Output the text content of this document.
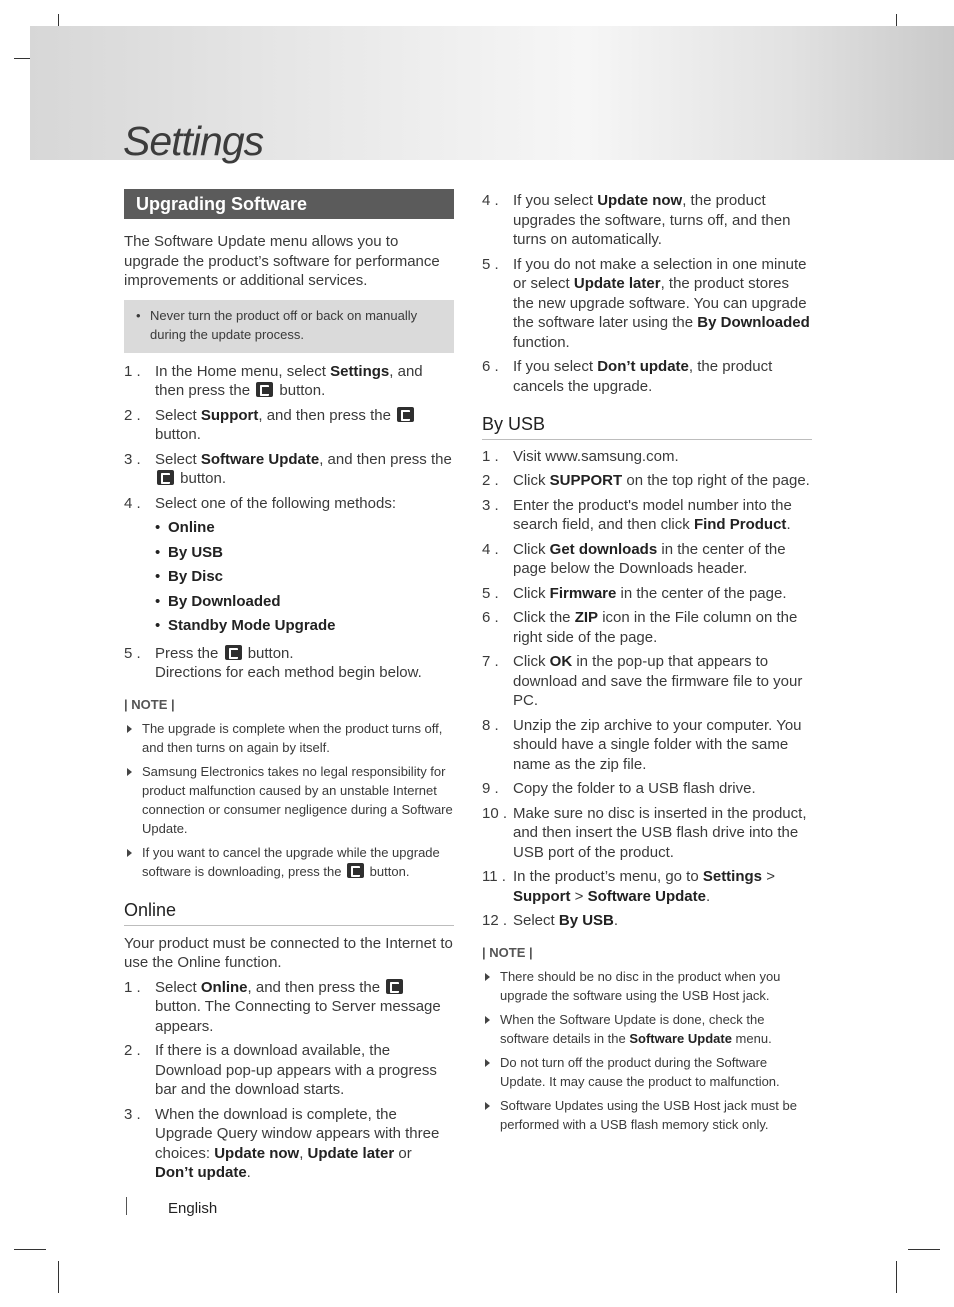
Settings
Upgrading Software

The Software Update menu allows you to upgrade the product’s software for performance improvements or additional services.

• Never turn the product off or back on manually during the update process.
1 . In the Home menu, select Settings, and then press the  button.
2 . Select Support, and then press the  button.
3 . Select Software Update, and then press the  button.
4 . Select one of the following methods:
• Online
• By USB
• By Disc
• By Downloaded
• Standby Mode Upgrade
5 . Press the  button.
Directions for each method begin below.
| NOTE |
The upgrade is complete when the product turns off, and then turns on again by itself.
Samsung Electronics takes no legal responsibility for product malfunction caused by an unstable Internet connection or consumer negligence during a Software Update.
If you want to cancel the upgrade while the upgrade software is downloading, press the  button.
Online

Your product must be connected to the Internet to use the Online function.

1 . Select Online, and then press the  button. The Connecting to Server message appears.
2 . If there is a download available, the Download pop-up appears with a progress bar and the download starts.
3 . When the download is complete, the Upgrade Query window appears with three choices: Update now, Update later or Don’t update.
4 . If you select Update now, the product upgrades the software, turns off, and then turns on automatically.
5 . If you do not make a selection in one minute or select Update later, the product stores the new upgrade software. You can upgrade the software later using the By Downloaded function.
6 . If you select Don’t update, the product cancels the upgrade.
By USB
1 . Visit www.samsung.com.
2 . Click SUPPORT on the top right of the page.
3 . Enter the product's model number into the search field, and then click Find Product.
4 . Click Get downloads in the center of the page below the Downloads header.
5 . Click Firmware in the center of the page.
6 . Click the ZIP icon in the File column on the right side of the page.
7 . Click OK in the pop-up that appears to download and save the firmware file to your PC.
8 . Unzip the zip archive to your computer. You should have a single folder with the same name as the zip file.
9 . Copy the folder to a USB flash drive.
10 . Make sure no disc is inserted in the product, and then insert the USB flash drive into the USB port of the product.
11 . In the product’s menu, go to Settings > Support > Software Update.
12 . Select By USB.
| NOTE |
There should be no disc in the product when you upgrade the software using the USB Host jack.
When the Software Update is done, check the software details in the Software Update menu.
Do not turn off the product during the Software Update. It may cause the product to malfunction.
Software Updates using the USB Host jack must be performed with a USB flash memory stick only.
English
